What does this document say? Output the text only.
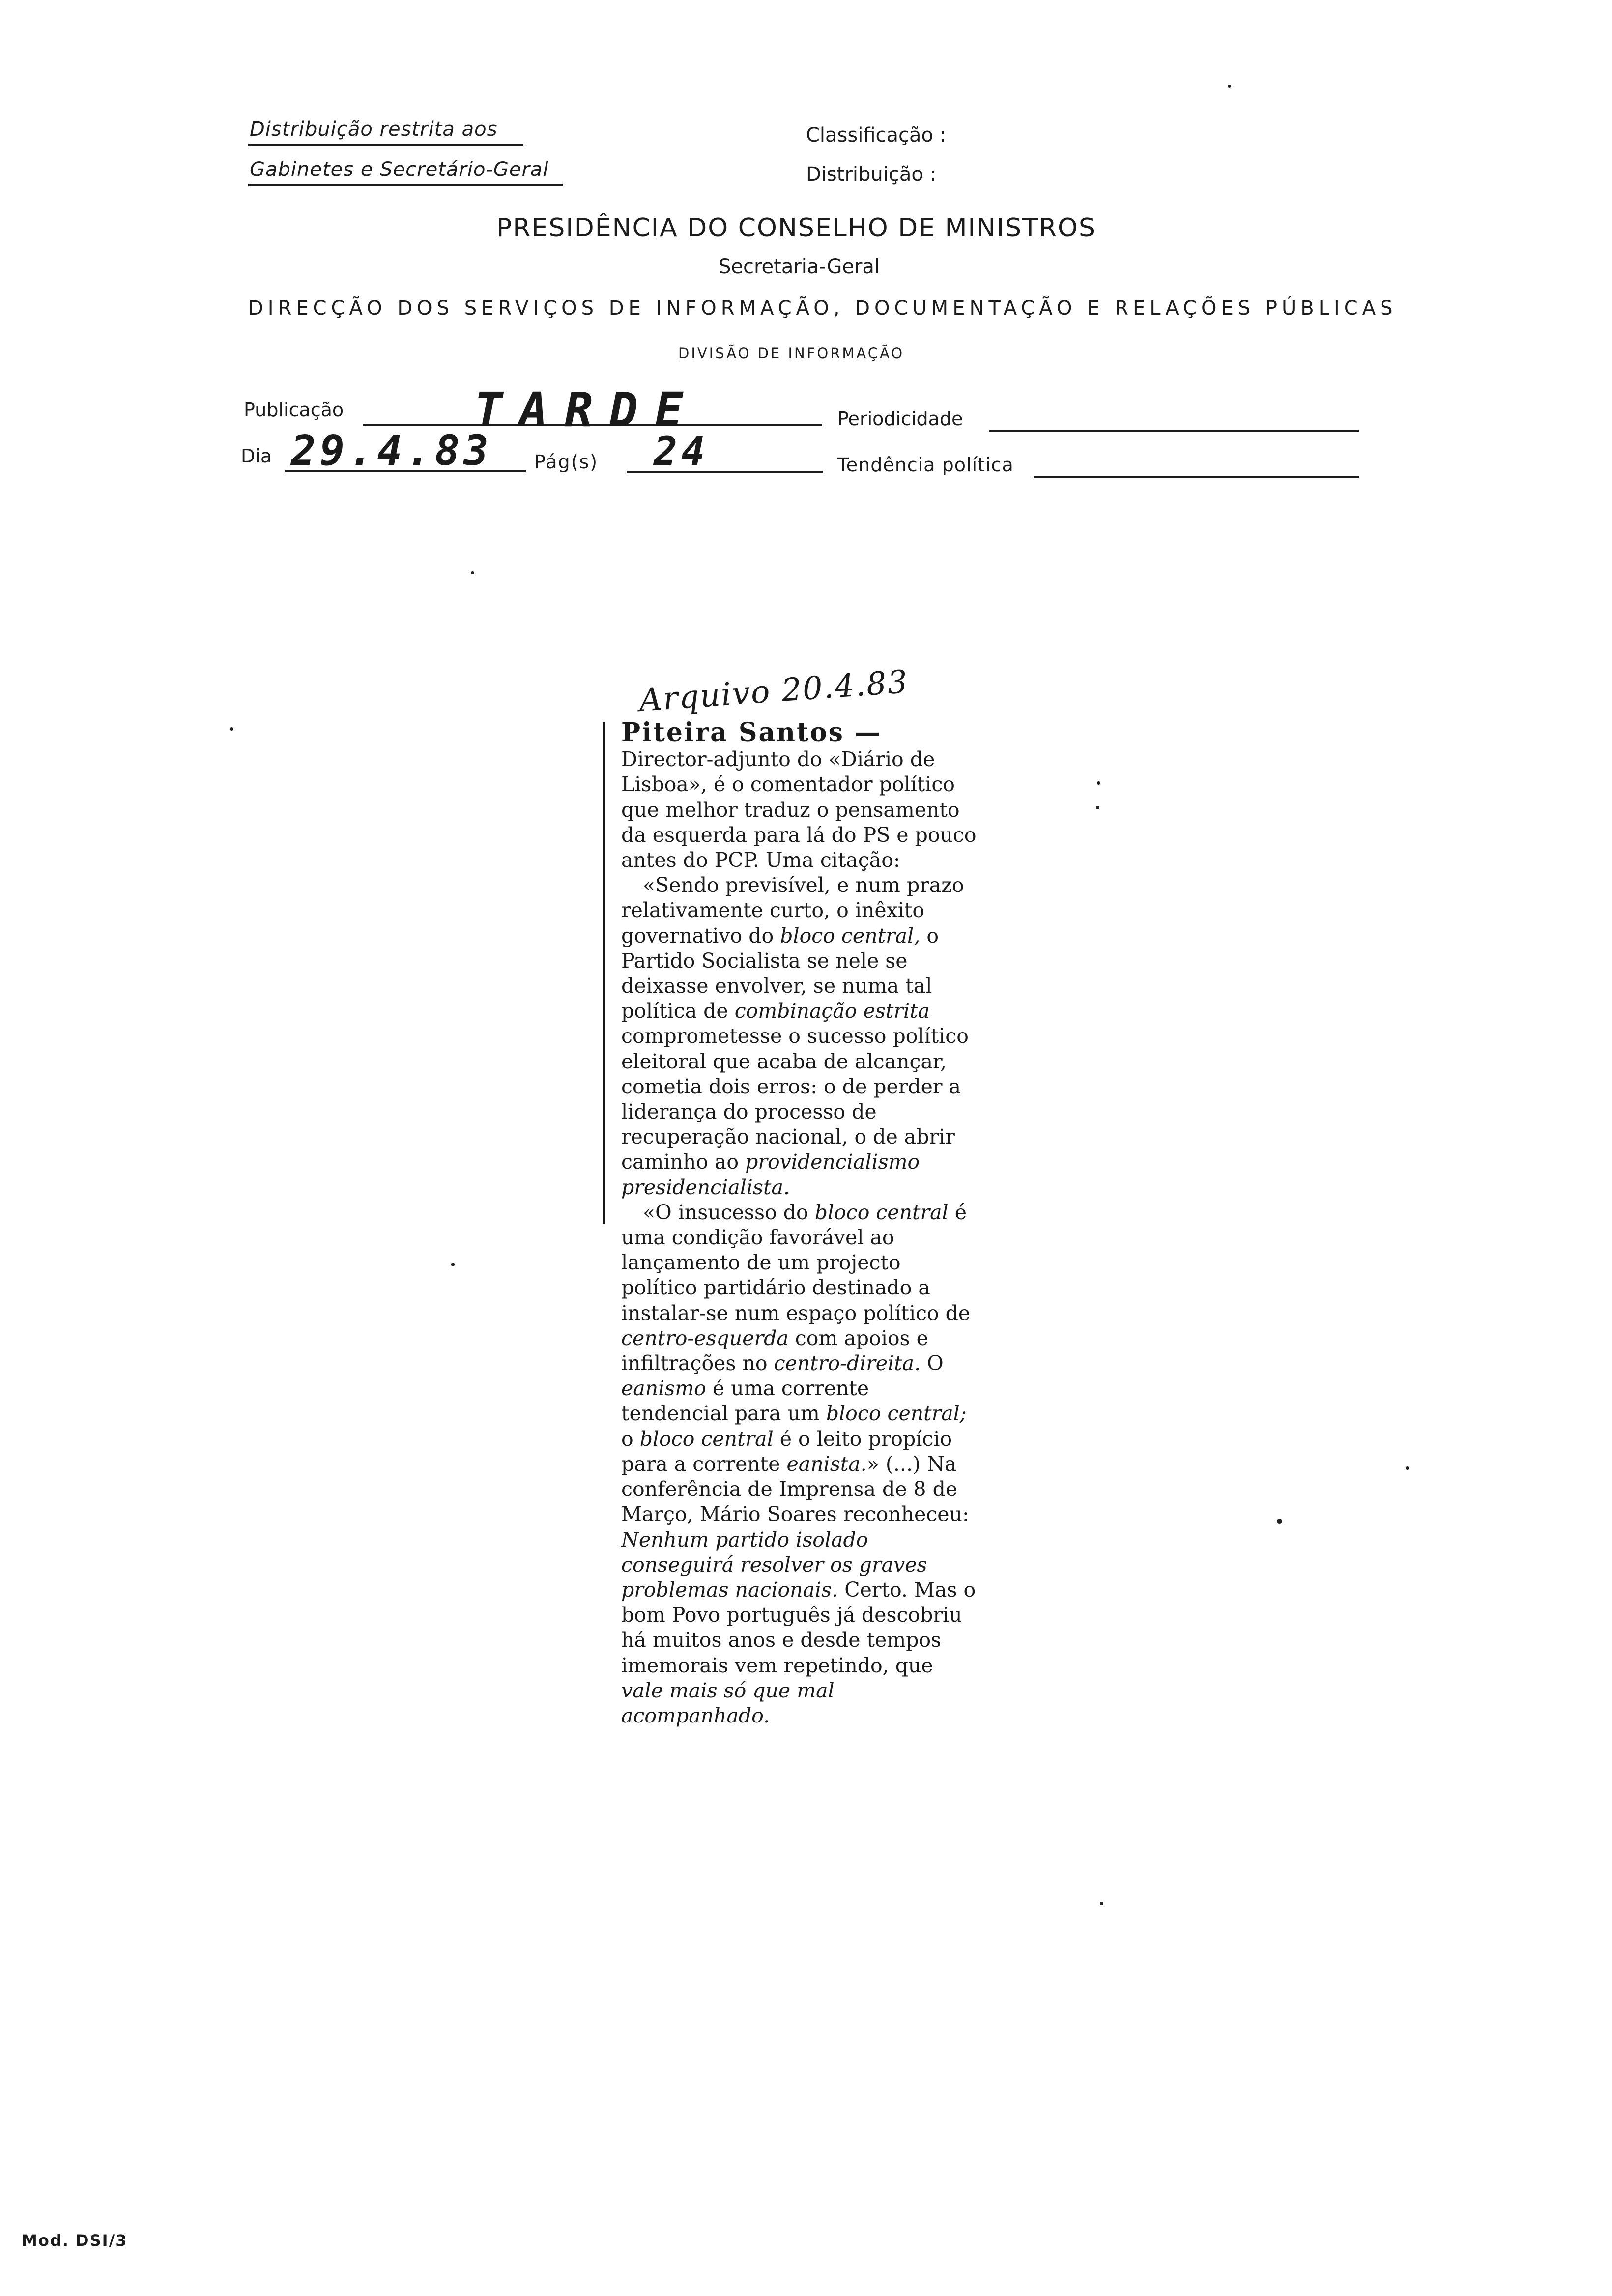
Distribuição restrita aos
Gabinetes e Secretário-Geral
Classificação :
Distribuição :
PRESIDÊNCIA DO CONSELHO DE MINISTROS
Secretaria-Geral
DIRECÇÃO DOS SERVIÇOS DE INFORMAÇÃO, DOCUMENTAÇÃO E RELAÇÕES PÚBLICAS
DIVISÃO DE INFORMAÇÃO
Publicação	TARDE	Periodicidade
Dia 29.4.83 Pág(s) 24	Tendência política
Arquivo 20.4.83

Piteira Santos —

Director-adjunto do «Diário de Lisboa», é o comentador político que melhor traduz o pensamento da esquerda para lá do PS e pouco antes do PCP. Uma citação:

«Sendo previsível, e num prazo relativamente curto, o inêxito governativo do bloco central, o Partido Socialista se nele se deixasse envolver, se numa tal política de combinação estrita comprometesse o sucesso político eleitoral que acaba de alcançar, cometia dois erros: o de perder a liderança do processo de recuperação nacional, o de abrir caminho ao providencialismo presidencialista.

«O insucesso do bloco central é uma condição favorável ao lançamento de um projecto político partidário destinado a instalar-se num espaço político de centro-esquerda com apoios e infiltrações no centro-direita. O eanismo é uma corrente tendencial para um bloco central; o bloco central é o leito propício para a corrente eanista.» (...) Na conferência de Imprensa de 8 de Março, Mário Soares reconheceu: Nenhum partido isolado conseguirá resolver os graves problemas nacionais. Certo. Mas o bom Povo português já descobriu há muitos anos e desde tempos imemorais vem repetindo, que vale mais só que mal acompanhado.

Mod. DSI/3
